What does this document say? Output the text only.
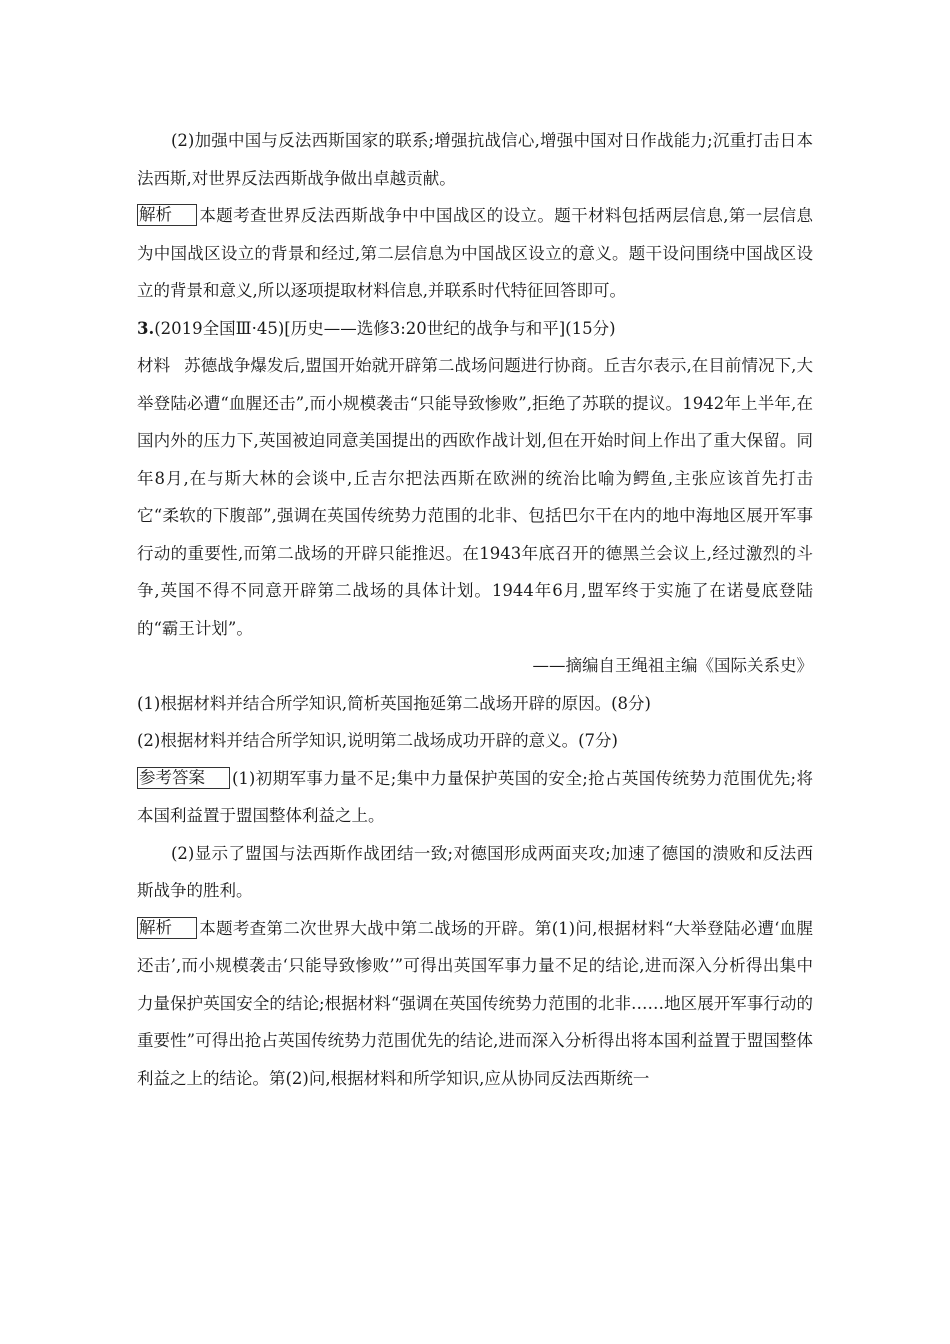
(2)加强中国与反法西斯国家的联系;增强抗战信心,增强中国对日作战能力;沉重打击日本法西斯,对世界反法西斯战争做出卓越贡献。

解析 本题考查世界反法西斯战争中中国战区的设立。题干材料包括两层信息,第一层信息为中国战区设立的背景和经过,第二层信息为中国战区设立的意义。题干设问围绕中国战区设立的背景和意义,所以逐项提取材料信息,并联系时代特征回答即可。

3.(2019全国Ⅲ·45)[历史——选修3:20世纪的战争与和平](15分)

材料 苏德战争爆发后,盟国开始就开辟第二战场问题进行协商。丘吉尔表示,在目前情况下,大举登陆必遭“血腥还击”,而小规模袭击“只能导致惨败”,拒绝了苏联的提议。1942年上半年,在国内外的压力下,英国被迫同意美国提出的西欧作战计划,但在开始时间上作出了重大保留。同年8月,在与斯大林的会谈中,丘吉尔把法西斯在欧洲的统治比喻为鳄鱼,主张应该首先打击它“柔软的下腹部”,强调在英国传统势力范围的北非、包括巴尔干在内的地中海地区展开军事行动的重要性,而第二战场的开辟只能推迟。在1943年底召开的德黑兰会议上,经过激烈的斗争,英国不得不同意开辟第二战场的具体计划。1944年6月,盟军终于实施了在诺曼底登陆的“霸王计划”。

——摘编自王绳祖主编《国际关系史》

(1)根据材料并结合所学知识,简析英国拖延第二战场开辟的原因。(8分)

(2)根据材料并结合所学知识,说明第二战场成功开辟的意义。(7分)

参考答案 (1)初期军事力量不足;集中力量保护英国的安全;抢占英国传统势力范围优先;将本国利益置于盟国整体利益之上。

(2)显示了盟国与法西斯作战团结一致;对德国形成两面夹攻;加速了德国的溃败和反法西斯战争的胜利。

解析 本题考查第二次世界大战中第二战场的开辟。第(1)问,根据材料“大举登陆必遭‘血腥还击’,而小规模袭击‘只能导致惨败’”可得出英国军事力量不足的结论,进而深入分析得出集中力量保护英国安全的结论;根据材料“强调在英国传统势力范围的北非……地区展开军事行动的重要性”可得出抢占英国传统势力范围优先的结论,进而深入分析得出将本国利益置于盟国整体利益之上的结论。第(2)问,根据材料和所学知识,应从协同反法西斯统一
